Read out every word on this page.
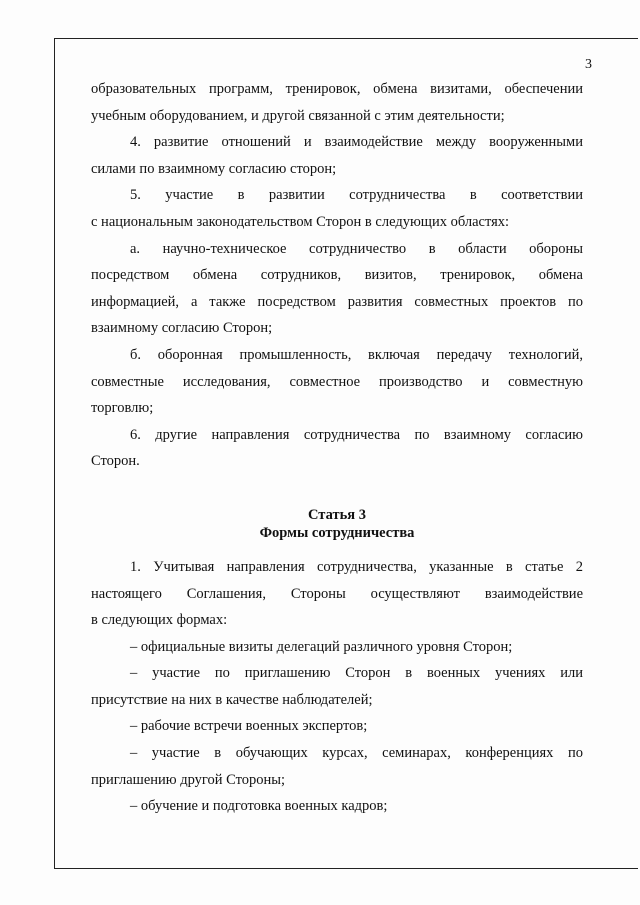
3
образовательных программ, тренировок, обмена визитами, обеспечении
учебным оборудованием, и другой связанной с этим деятельности;
4. развитие отношений и взаимодействие между вооруженными
силами по взаимному согласию сторон;
5. участие в развитии сотрудничества в соответствии
с национальным законодательством Сторон в следующих областях:
а. научно-техническое сотрудничество в области обороны
посредством обмена сотрудников, визитов, тренировок, обмена
информацией, а также посредством развития совместных проектов по
взаимному согласию Сторон;
б. оборонная промышленность, включая передачу технологий,
совместные исследования, совместное производство и совместную
торговлю;
6. другие направления сотрудничества по взаимному согласию
Сторон.
Статья 3
Формы сотрудничества
1. Учитывая направления сотрудничества, указанные в статье 2
настоящего Соглашения, Стороны осуществляют взаимодействие
в следующих формах:
– официальные визиты делегаций различного уровня Сторон;
– участие по приглашению Сторон в военных учениях или
присутствие на них в качестве наблюдателей;
– рабочие встречи военных экспертов;
– участие в обучающих курсах, семинарах, конференциях по
приглашению другой Стороны;
– обучение и подготовка военных кадров;
